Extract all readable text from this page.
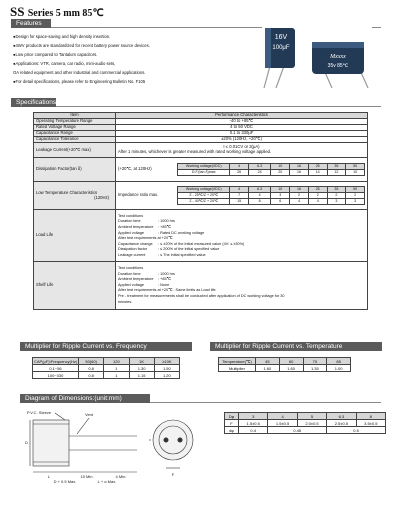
SS Series 5 mm 85℃
Features
●Design for space-saving and high density insertion.
●4WV products are standardized for recent battery power source devices.
●Low price compared to Tantalum capacitors.
●Applications: VTR, camera, car radio, mini-audio sets,
OA related equipment and other industrial and commercial applications.
●For detail specifications, please refer to Engineering Bulletin No. F105
16V
100μF
Mxxxx
35v 85℃
Specifications
Item	Performance Characteristics
Operating Temperature Range	-40 to +85℃
Rated Voltage Range	4 to 50 VDC
Capacitance Range	0.1 to 330μF
Capacitance Tolerance	±20% (120Hz, +20℃)
Leakage Current(+20℃ max)	I ≤ 0.01CV or 3(μA)
After 1 minutes, whichever is greater measured with rated working voltage applied.

Dissipation Factor(tan δ)	(+20℃, at 120Hz)	Working voltage(VDC)	4	6.3	10	16	25	35	50
D.F.(tan δ)max	26	24	20	16	14	12	10

Low Temperature Characteristics
(120Hz)	Impedance ratio max.
Working voltage(VDC)	4	6.3	10	16	25	35	50
Z - 25℃/Z + 20℃	7	4	3	2	2	2	2
Z - 40℃/Z + 20℃	15	8	6	4	4	3	3

Load Life	
Test conditions
Duration time	: 1000 hrs
Ambient temperature	: +85℃
Applied voltage	: Rated DC working voltage
After test requirements at +20℃
Capacitance change	: ≤ ±20% of the initial measured value (4V: ≤ ±30%)
Dissipation factor	: ≤ 200% of the initial specified value
Leakage current	: ≤ The initial specified value

Shelf Life	
Test conditions
Duration time	: 1000 hrs
Ambient temperature	: +85℃
Applied voltage	: None
After test requirements at +20℃ : Same limits as Load life
Pre - treatment for measurements shall be conducted after application of DC working voltage for 30
minutes.
Multiplier for Ripple Current vs. Frequency
CAP(μF)\Frequency(Hz)	50(60)	120	1K	≥10K
0.1~56	0.8	1	1.30	1.50
100~330	0.8	1	1.15	1.20
Multiplier for Ripple Current vs. Temperature
Temperature(℃)	45	60	70	85
Multiplier	1.60	1.60	1.35	1.00
Diagram of Dimensions:(unit:mm)
P.V.C. Sleeve	Vent
L	15 Min.	4 Min.
D
F
D + 0.5 Max.	L + α Max.
Dφ	3	4	5	6.3	8
F	1.5±0.5	1.5±0.5	2.0±0.5	2.5±0.5	3.5±0.5
dφ	0.4	0.45		0.5	
